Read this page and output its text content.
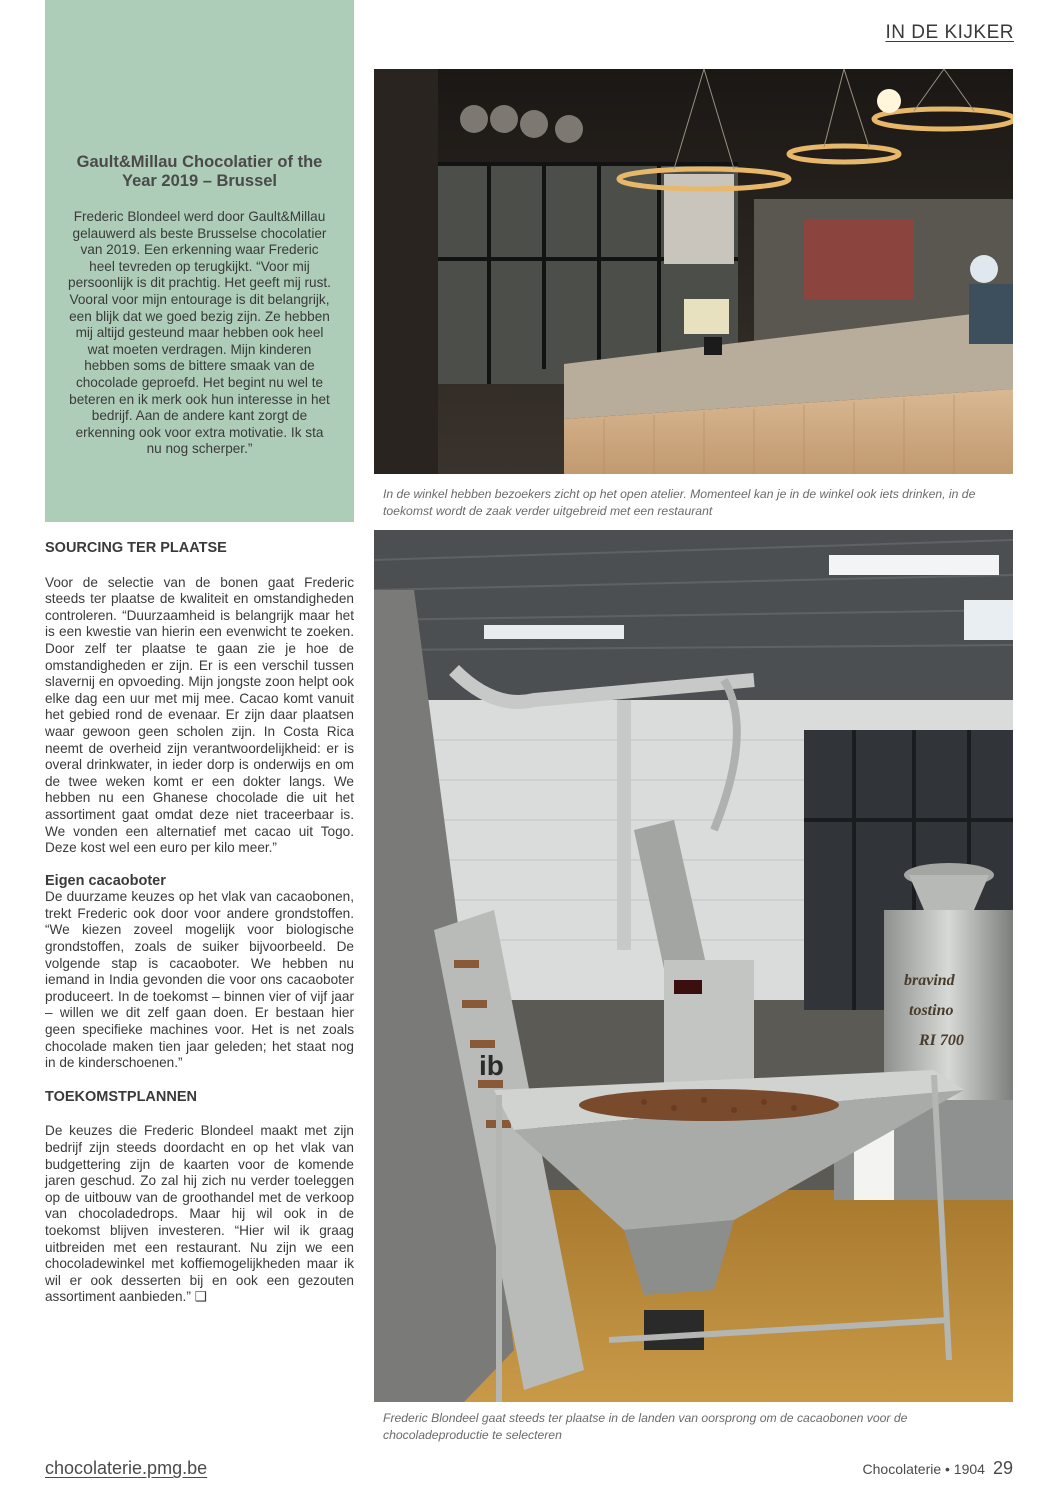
IN DE KIJKER
Gault&Millau Chocolatier of the Year 2019 – Brussel

Frederic Blondeel werd door Gault&Millau gelauwerd als beste Brusselse chocolatier van 2019. Een erkenning waar Frederic heel tevreden op terugkijkt. “Voor mij persoonlijk is dit prachtig. Het geeft mij rust. Vooral voor mijn entourage is dit belangrijk, een blijk dat we goed bezig zijn. Ze hebben mij altijd gesteund maar hebben ook heel wat moeten verdragen. Mijn kinderen hebben soms de bittere smaak van de chocolade geproefd. Het begint nu wel te beteren en ik merk ook hun interesse in het bedrijf. Aan de andere kant zorgt de erkenning ook voor extra motivatie. Ik sta nu nog scherper.”

SOURCING TER PLAATSE

Voor de selectie van de bonen gaat Frederic steeds ter plaatse de kwaliteit en omstandigheden controleren. “Duurzaamheid is belangrijk maar het is een kwestie van hierin een evenwicht te zoeken. Door zelf ter plaatse te gaan zie je hoe de omstandigheden er zijn. Er is een verschil tussen slavernij en opvoeding. Mijn jongste zoon helpt ook elke dag een uur met mij mee. Cacao komt vanuit het gebied rond de evenaar. Er zijn daar plaatsen waar gewoon geen scholen zijn. In Costa Rica neemt de overheid zijn verantwoordelijkheid: er is overal drinkwater, in ieder dorp is onderwijs en om de twee weken komt er een dokter langs. We hebben nu een Ghanese chocolade die uit het assortiment gaat omdat deze niet traceerbaar is. We vonden een alternatief met cacao uit Togo. Deze kost wel een euro per kilo meer.”

Eigen cacaoboter

De duurzame keuzes op het vlak van cacaobonen, trekt Frederic ook door voor andere grondstoffen. “We kiezen zoveel mogelijk voor biologische grondstoffen, zoals de suiker bijvoorbeeld. De volgende stap is cacaoboter. We hebben nu iemand in India gevonden die voor ons cacaoboter produceert. In de toekomst – binnen vier of vijf jaar – willen we dit zelf gaan doen. Er bestaan hier geen specifieke machines voor. Het is net zoals chocolade maken tien jaar geleden; het staat nog in de kinderschoenen.”

TOEKOMSTPLANNEN

De keuzes die Frederic Blondeel maakt met zijn bedrijf zijn steeds doordacht en op het vlak van budgettering zijn de kaarten voor de komende jaren geschud. Zo zal hij zich nu verder toeleggen op de uitbouw van de groothandel met de verkoop van chocoladedrops. Maar hij wil ook in de toekomst blijven investeren. “Hier wil ik graag uitbreiden met een restaurant. Nu zijn we een chocoladewinkel met koffiemogelijkheden maar ik wil er ook desserten bij en ook een gezouten assortiment aanbieden.” ❑

In de winkel hebben bezoekers zicht op het open atelier. Momenteel kan je in de winkel ook iets drinken, in de toekomst wordt de zaak verder uitgebreid met een restaurant
ib
bravind
tostino
RI 700
Frederic Blondeel gaat steeds ter plaatse in de landen van oorsprong om de cacaobonen voor de chocoladeproductie te selecteren
chocolaterie.pmg.be	Chocolaterie • 1904 29
